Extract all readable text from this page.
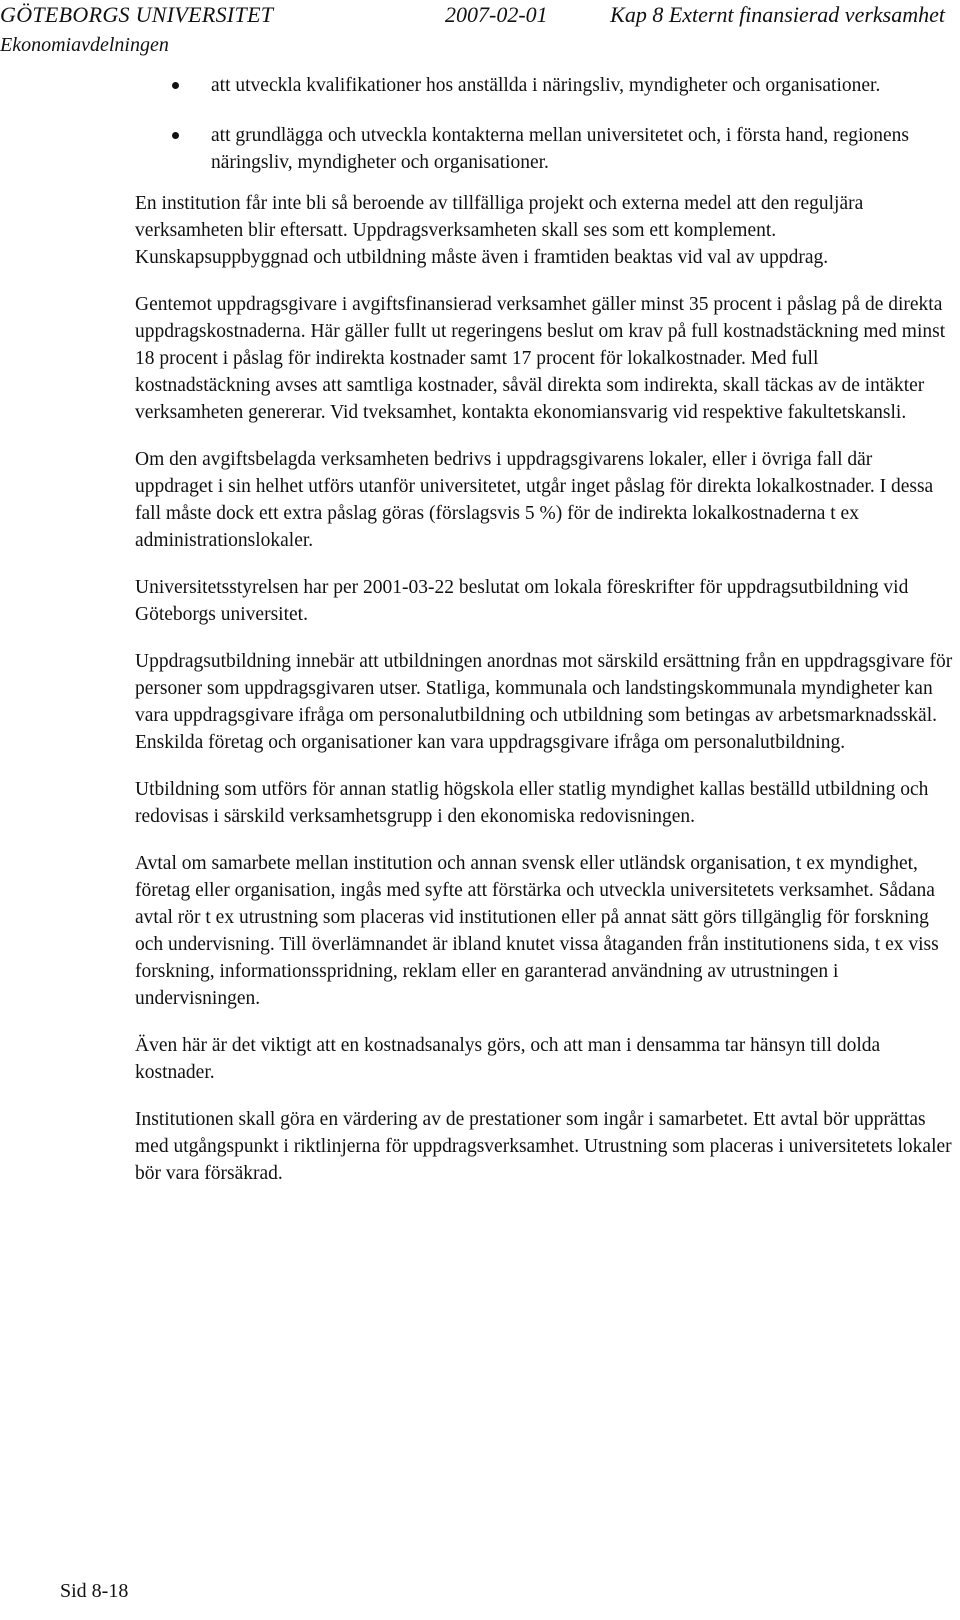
GÖTEBORGS UNIVERSITET
Ekonomiavdelningen
2007-02-01	Kap 8 Externt finansierad verksamhet
att utveckla kvalifikationer hos anställda i näringsliv, myndigheter och organisationer.
att grundlägga och utveckla kontakterna mellan universitetet och, i första hand, regionens näringsliv, myndigheter och organisationer.

En institution får inte bli så beroende av tillfälliga projekt och externa medel att den reguljära verksamheten blir eftersatt. Uppdragsverksamheten skall ses som ett komplement. Kunskapsuppbyggnad och utbildning måste även i framtiden beaktas vid val av uppdrag.

Gentemot uppdragsgivare i avgiftsfinansierad verksamhet gäller minst 35 procent i påslag på de direkta uppdragskostnaderna. Här gäller fullt ut regeringens beslut om krav på full kostnadstäckning med minst 18 procent i påslag för indirekta kostnader samt 17 procent för lokalkostnader. Med full kostnadstäckning avses att samtliga kostnader, såväl direkta som indirekta, skall täckas av de intäkter verksamheten genererar. Vid tveksamhet, kontakta ekonomiansvarig vid respektive fakultetskansli.

Om den avgiftsbelagda verksamheten bedrivs i uppdragsgivarens lokaler, eller i övriga fall där uppdraget i sin helhet utförs utanför universitetet, utgår inget påslag för direkta lokalkostnader. I dessa fall måste dock ett extra påslag göras (förslagsvis 5 %) för de indirekta lokalkostnaderna t ex administrationslokaler.

Universitetsstyrelsen har per 2001-03-22 beslutat om lokala föreskrifter för uppdragsutbildning vid Göteborgs universitet.

Uppdragsutbildning innebär att utbildningen anordnas mot särskild ersättning från en uppdragsgivare för personer som uppdragsgivaren utser. Statliga, kommunala och landstingskommunala myndigheter kan vara uppdragsgivare ifråga om personalutbildning och utbildning som betingas av arbetsmarknadsskäl. Enskilda företag och organisationer kan vara uppdragsgivare ifråga om personalutbildning.

Utbildning som utförs för annan statlig högskola eller statlig myndighet kallas beställd utbildning och redovisas i särskild verksamhetsgrupp i den ekonomiska redovisningen.

Avtal om samarbete mellan institution och annan svensk eller utländsk organisation, t ex myndighet, företag eller organisation, ingås med syfte att förstärka och utveckla universitetets verksamhet. Sådana avtal rör t ex utrustning som placeras vid institutionen eller på annat sätt görs tillgänglig för forskning och undervisning. Till överlämnandet är ibland knutet vissa åtaganden från institutionens sida, t ex viss forskning, informationsspridning, reklam eller en garanterad användning av utrustningen i undervisningen.

Även här är det viktigt att en kostnadsanalys görs, och att man i densamma tar hänsyn till dolda kostnader.

Institutionen skall göra en värdering av de prestationer som ingår i samarbetet. Ett avtal bör upprättas med utgångspunkt i riktlinjerna för uppdragsverksamhet. Utrustning som placeras i universitetets lokaler bör vara försäkrad.

Sid 8-18
